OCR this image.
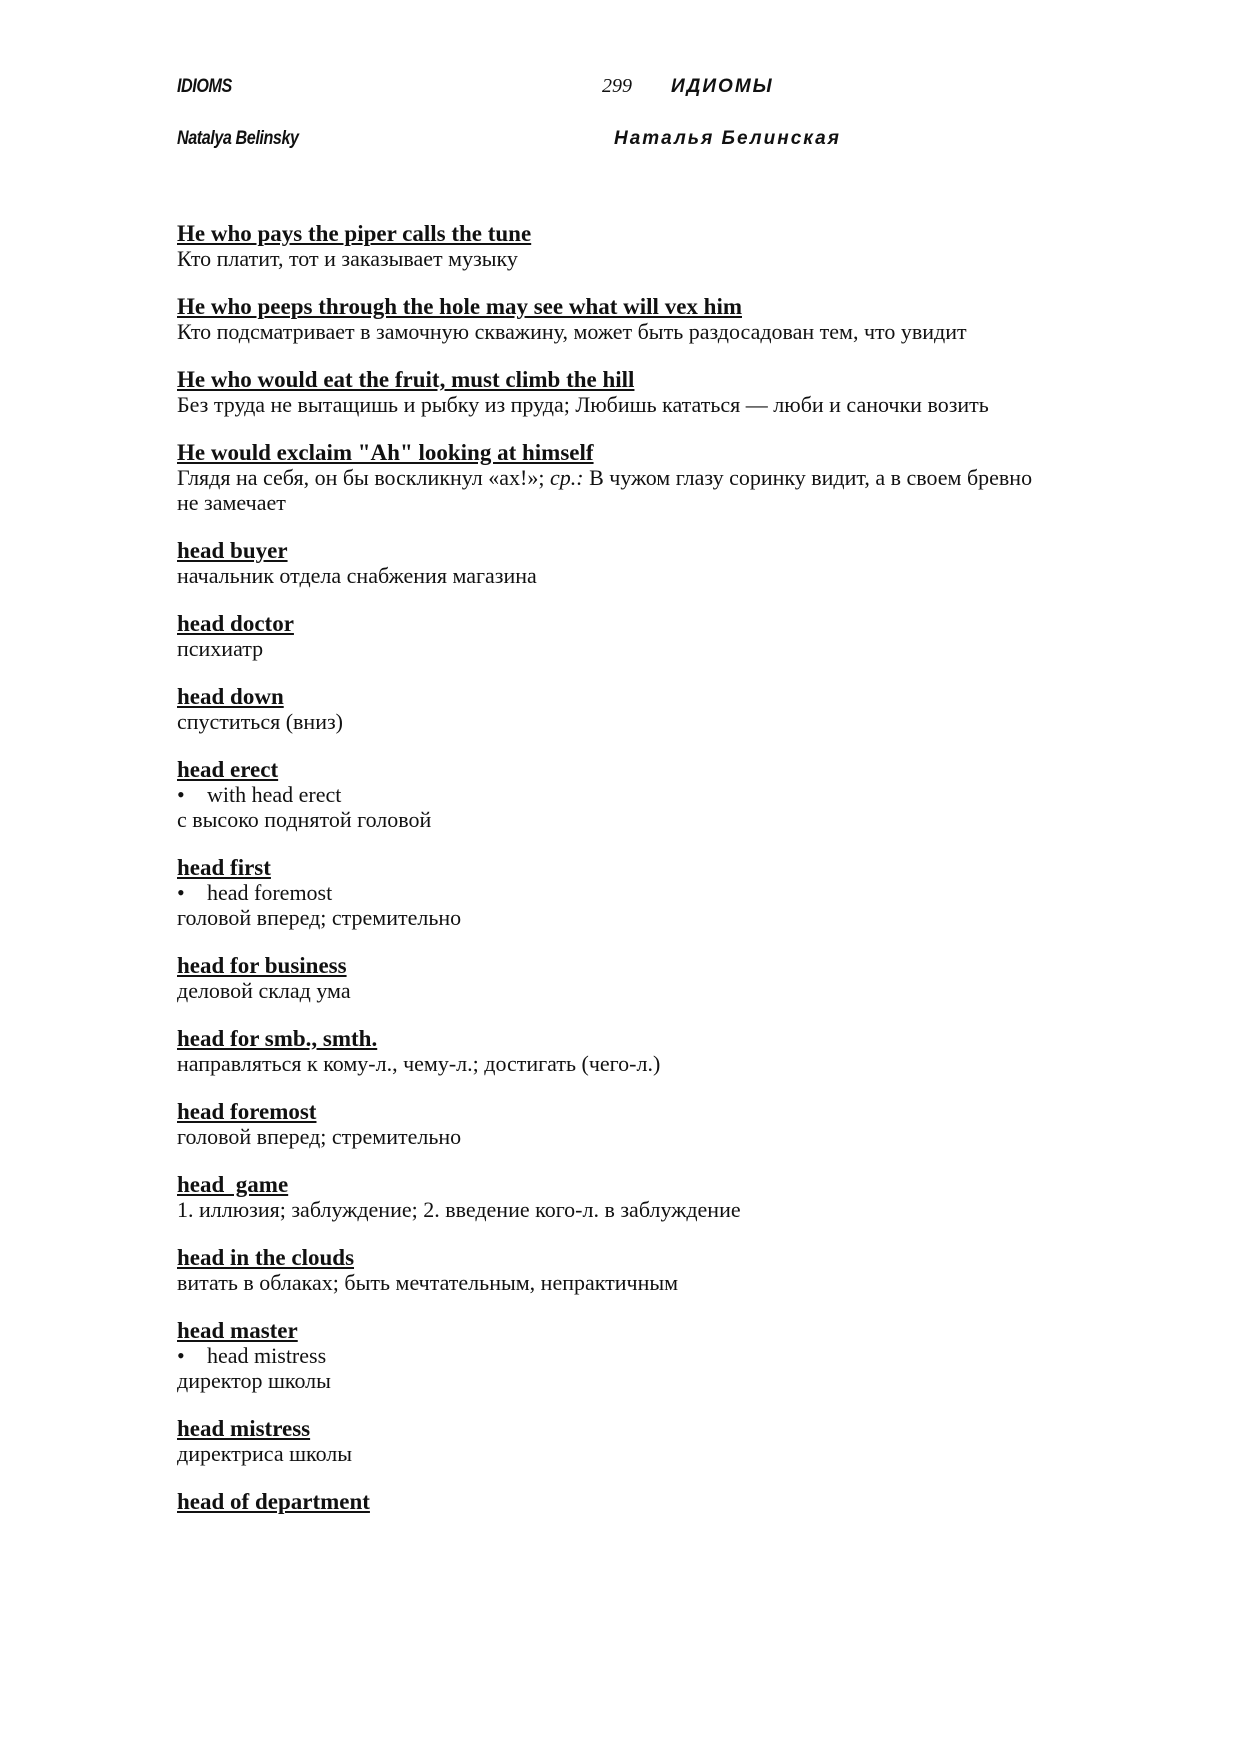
IDIOMS
Natalya Belinsky
299 ИДИОМЫ
Наталья Белинская

He who pays the piper calls the tune

Кто платит, тот и заказывает музыку

He who peeps through the hole may see what will vex him

Кто подсматривает в замочную скважину, может быть раздосадован тем, что увидит

He who would eat the fruit, must climb the hill

Без труда не вытащишь и рыбку из пруда; Любишь кататься — люби и саночки возить

He would exclaim "Ah" looking at himself

Глядя на себя, он бы воскликнул «ах!»; ср.: В чужом глазу соринку видит, а в своем бревно не замечает

head buyer

начальник отдела снабжения магазина

head doctor

психиатр

head down

спуститься (вниз)

head erect

•	with head erect

с высоко поднятой головой

head first

•	head foremost

головой вперед; стремительно

head for business

деловой склад ума

head for smb., smth.

направляться к кому-л., чему-л.; достигать (чего-л.)

head foremost

головой вперед; стремительно

head  game

1. иллюзия; заблуждение; 2. введение кого-л. в заблуждение

head in the clouds

витать в облаках; быть мечтательным, непрактичным

head master

•	head mistress

директор школы

head mistress

директриса школы

head of department
